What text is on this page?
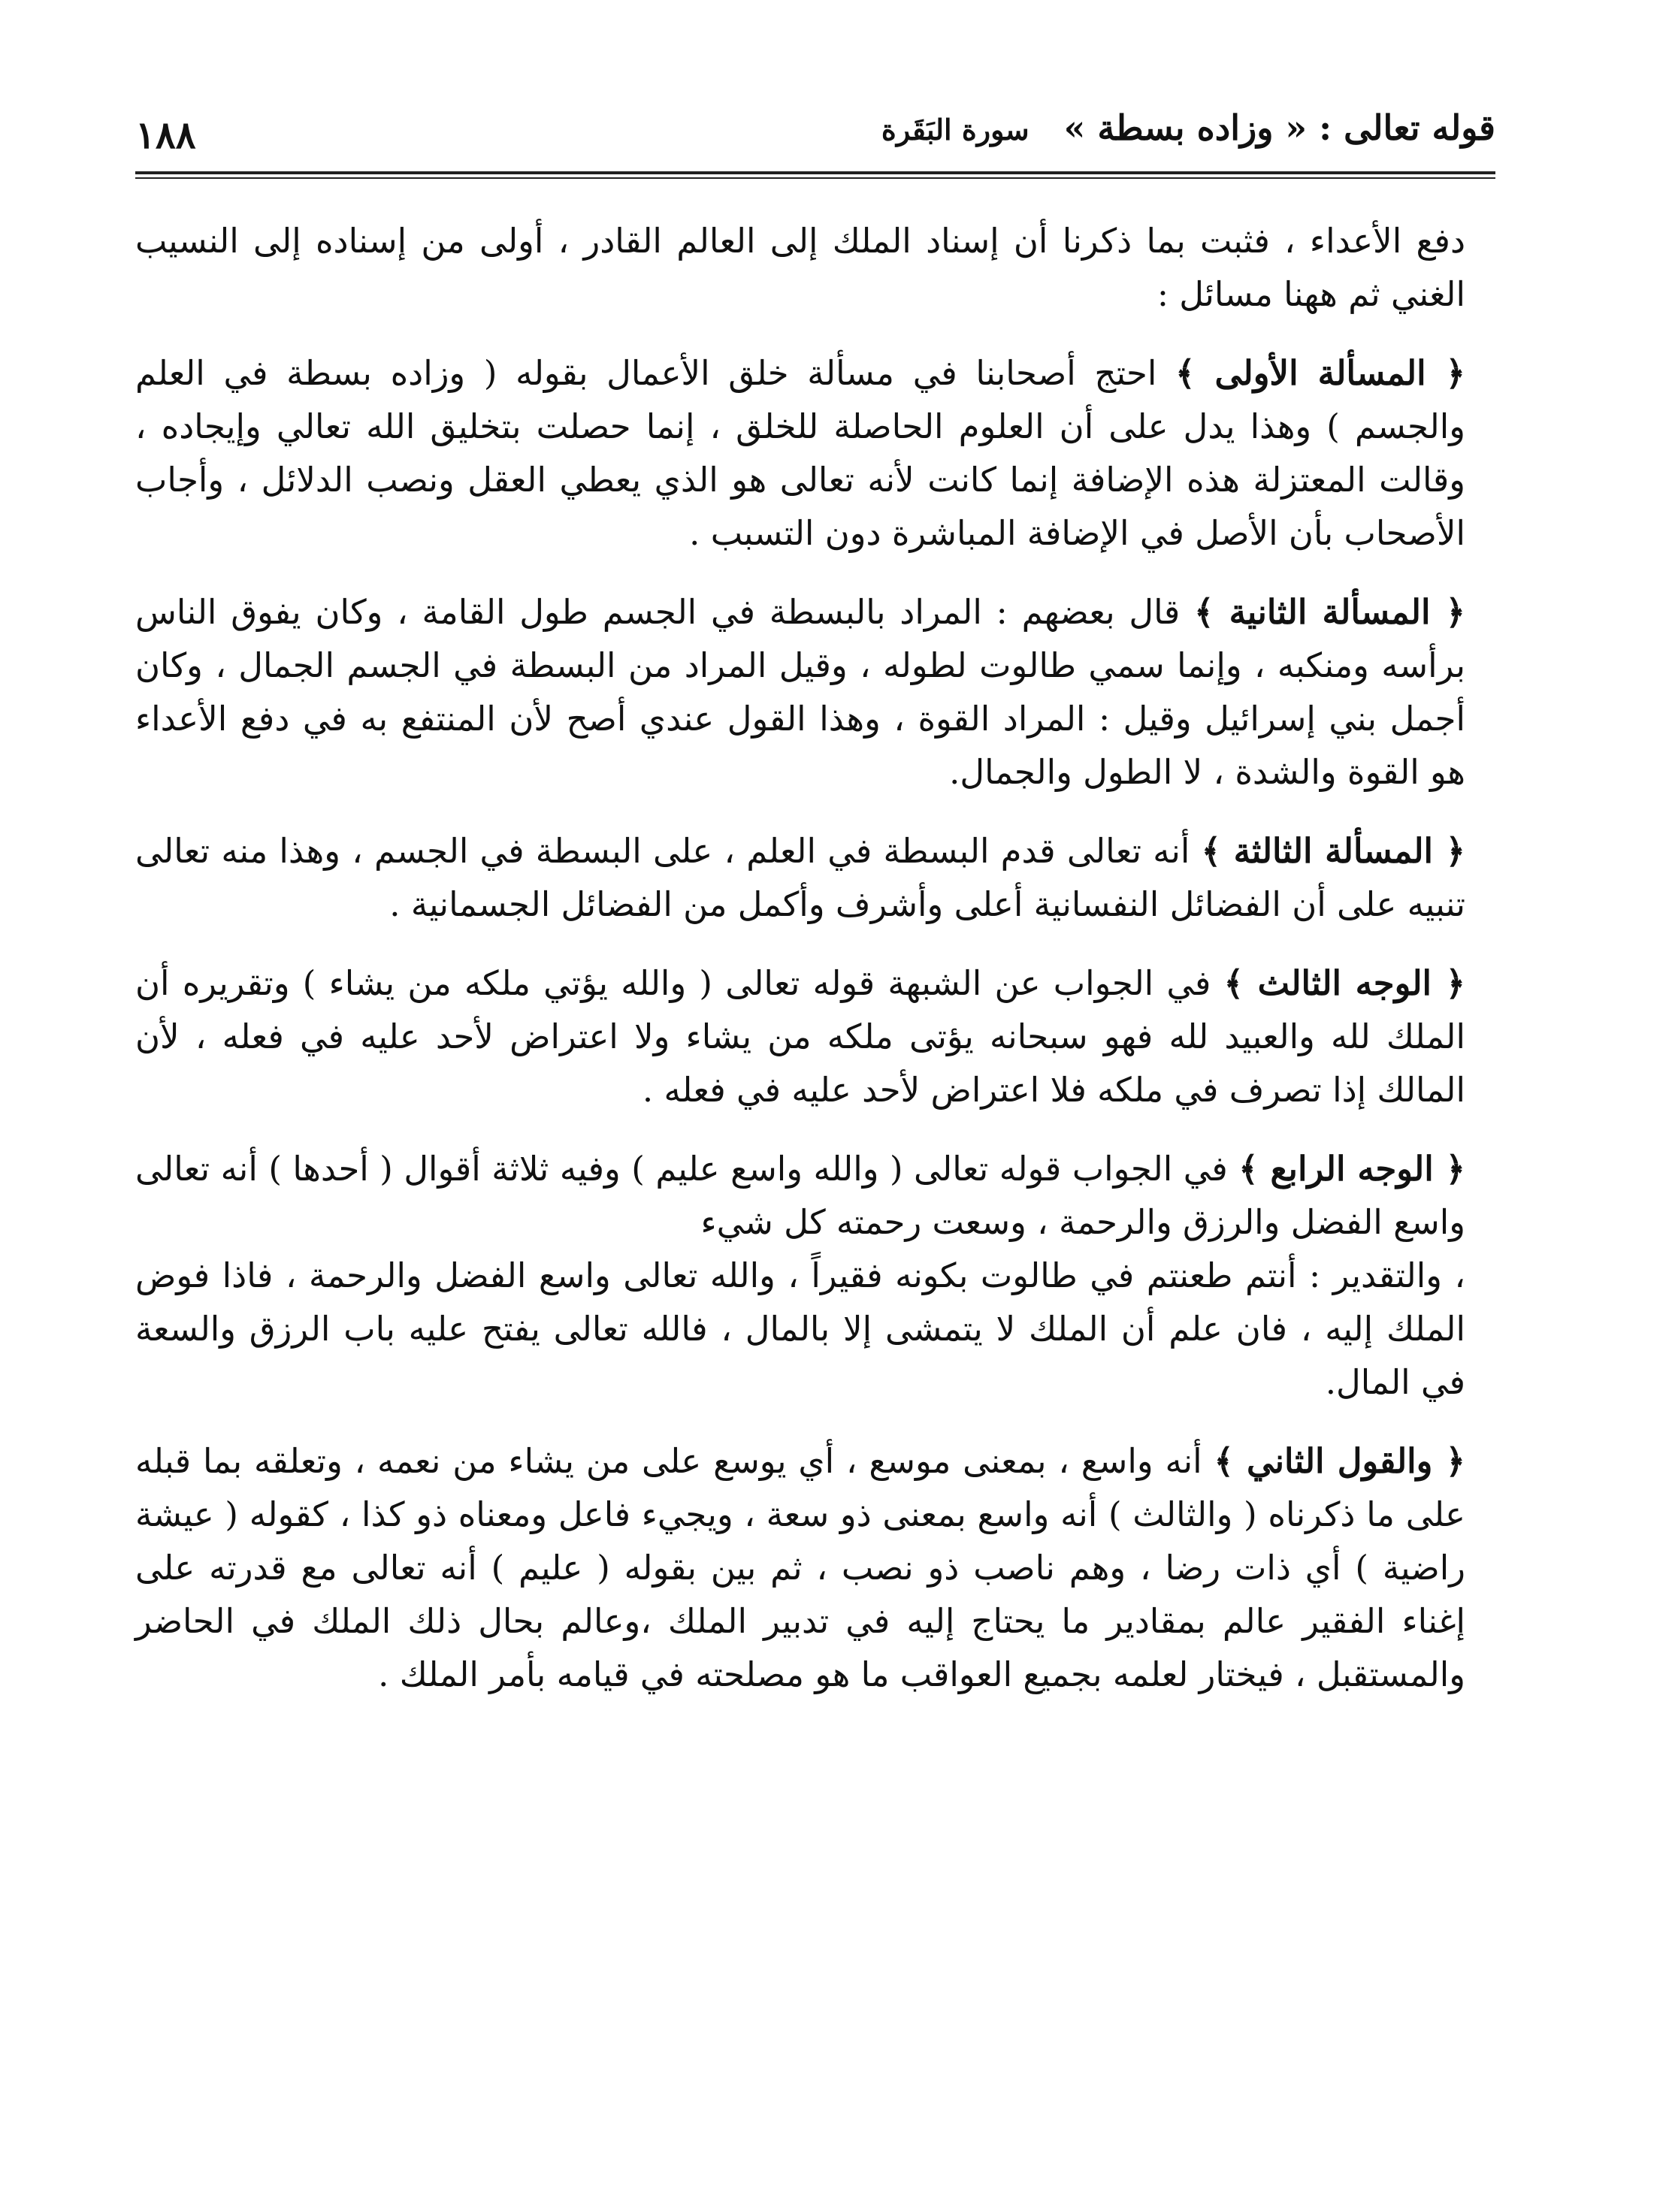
١٨٨	قوله تعالى : « وزاده بسطة » سورة البَقَرة

دفع الأعداء ، فثبت بما ذكرنا أن إسناد الملك إلى العالم القادر ، أولى من إسناده إلى النسيب الغني ثم ههنا مسائل :

﴿ المسألة الأولى ﴾ احتج أصحابنا في مسألة خلق الأعمال بقوله ( وزاده بسطة في العلم والجسم ) وهذا يدل على أن العلوم الحاصلة للخلق ، إنما حصلت بتخليق الله تعالي وإيجاده ، وقالت المعتزلة هذه الإضافة إنما كانت لأنه تعالى هو الذي يعطي العقل ونصب الدلائل ، وأجاب الأصحاب بأن الأصل في الإضافة المباشرة دون التسبب .

﴿ المسألة الثانية ﴾ قال بعضهم : المراد بالبسطة في الجسم طول القامة ، وكان يفوق الناس برأسه ومنكبه ، وإنما سمي طالوت لطوله ، وقيل المراد من البسطة في الجسم الجمال ، وكان أجمل بني إسرائيل وقيل : المراد القوة ، وهذا القول عندي أصح لأن المنتفع به في دفع الأعداء هو القوة والشدة ، لا الطول والجمال.

﴿ المسألة الثالثة ﴾ أنه تعالى قدم البسطة في العلم ، على البسطة في الجسم ، وهذا منه تعالى تنبيه على أن الفضائل النفسانية أعلى وأشرف وأكمل من الفضائل الجسمانية .

﴿ الوجه الثالث ﴾ في الجواب عن الشبهة قوله تعالى ( والله يؤتي ملكه من يشاء ) وتقريره أن الملك لله والعبيد لله فهو سبحانه يؤتى ملكه من يشاء ولا اعتراض لأحد عليه في فعله ، لأن المالك إذا تصرف في ملكه فلا اعتراض لأحد عليه في فعله .

﴿ الوجه الرابع ﴾ في الجواب قوله تعالى ( والله واسع عليم ) وفيه ثلاثة أقوال ( أحدها ) أنه تعالى واسع الفضل والرزق والرحمة ، وسعت رحمته كل شيء

، والتقدير : أنتم طعنتم في طالوت بكونه فقيراً ، والله تعالى واسع الفضل والرحمة ، فاذا فوض الملك إليه ، فان علم أن الملك لا يتمشى إلا بالمال ، فالله تعالى يفتح عليه باب الرزق والسعة في المال.

﴿ والقول الثاني ﴾ أنه واسع ، بمعنى موسع ، أي يوسع على من يشاء من نعمه ، وتعلقه بما قبله على ما ذكرناه ( والثالث ) أنه واسع بمعنى ذو سعة ، ويجيء فاعل ومعناه ذو كذا ، كقوله ( عيشة راضية ) أي ذات رضا ، وهم ناصب ذو نصب ، ثم بين بقوله ( عليم ) أنه تعالى مع قدرته على إغناء الفقير عالم بمقادير ما يحتاج إليه في تدبير الملك ،وعالم بحال ذلك الملك في الحاضر والمستقبل ، فيختار لعلمه بجميع العواقب ما هو مصلحته في قيامه بأمر الملك .
